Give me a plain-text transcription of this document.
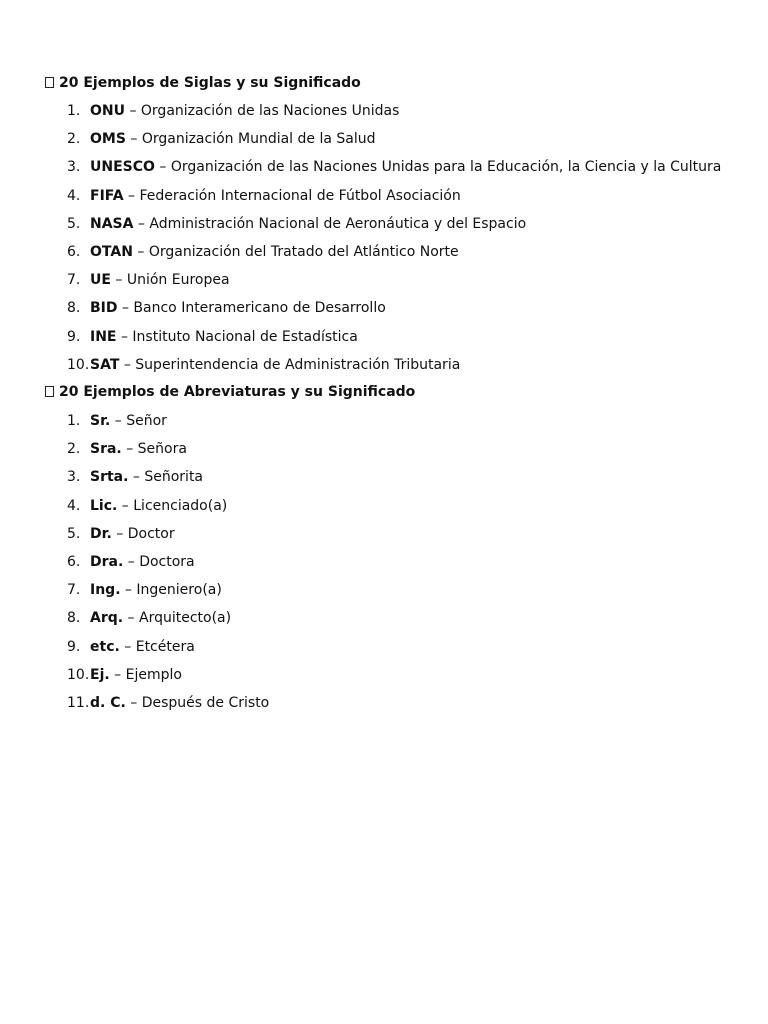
20 Ejemplos de Siglas y su Significado
1. ONU – Organización de las Naciones Unidas
2. OMS – Organización Mundial de la Salud
3. UNESCO – Organización de las Naciones Unidas para la Educación, la Ciencia y la Cultura
4. FIFA – Federación Internacional de Fútbol Asociación
5. NASA – Administración Nacional de Aeronáutica y del Espacio
6. OTAN – Organización del Tratado del Atlántico Norte
7. UE – Unión Europea
8. BID – Banco Interamericano de Desarrollo
9. INE – Instituto Nacional de Estadística
10. SAT – Superintendencia de Administración Tributaria
20 Ejemplos de Abreviaturas y su Significado
1. Sr. – Señor
2. Sra. – Señora
3. Srta. – Señorita
4. Lic. – Licenciado(a)
5. Dr. – Doctor
6. Dra. – Doctora
7. Ing. – Ingeniero(a)
8. Arq. – Arquitecto(a)
9. etc. – Etcétera
10. Ej. – Ejemplo
11. d. C. – Después de Cristo
